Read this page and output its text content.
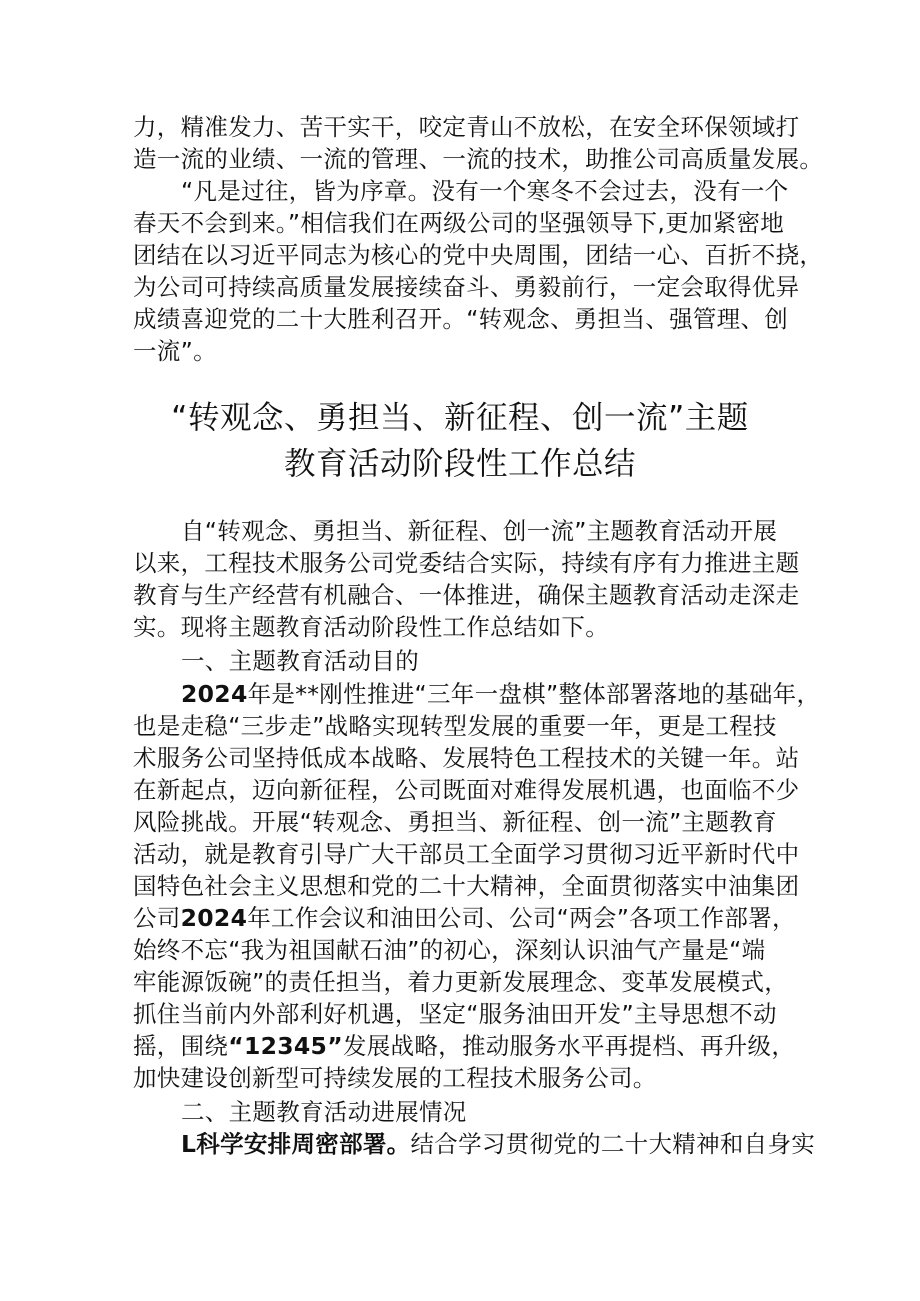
力，精准发力、苦干实干，咬定青山不放松，在安全环保领域打
造一流的业绩、一流的管理、一流的技术，助推公司高质量发展。
“凡是过往，皆为序章。没有一个寒冬不会过去，没有一个
春天不会到来。”相信我们在两级公司的坚强领导下,更加紧密地
团结在以习近平同志为核心的党中央周围，团结一心、百折不挠，
为公司可持续高质量发展接续奋斗、勇毅前行，一定会取得优异
成绩喜迎党的二十大胜利召开。“转观念、勇担当、强管理、创
一流”。
“转观念、勇担当、新征程、创一流”主题
教育活动阶段性工作总结
自“转观念、勇担当、新征程、创一流”主题教育活动开展
以来，工程技术服务公司党委结合实际，持续有序有力推进主题
教育与生产经营有机融合、一体推进，确保主题教育活动走深走
实。现将主题教育活动阶段性工作总结如下。
一、主题教育活动目的
2024年是**刚性推进“三年一盘棋”整体部署落地的基础年，
也是走稳“三步走”战略实现转型发展的重要一年，更是工程技
术服务公司坚持低成本战略、发展特色工程技术的关键一年。站
在新起点，迈向新征程，公司既面对难得发展机遇，也面临不少
风险挑战。开展“转观念、勇担当、新征程、创一流”主题教育
活动，就是教育引导广大干部员工全面学习贯彻习近平新时代中
国特色社会主义思想和党的二十大精神，全面贯彻落实中油集团
公司2024年工作会议和油田公司、公司“两会”各项工作部署，
始终不忘“我为祖国献石油”的初心，深刻认识油气产量是“端
牢能源饭碗”的责任担当，着力更新发展理念、变革发展模式，
抓住当前内外部利好机遇，坚定“服务油田开发”主导思想不动
摇，围绕“12345”发展战略，推动服务水平再提档、再升级，
加快建设创新型可持续发展的工程技术服务公司。
二、主题教育活动进展情况
L科学安排周密部署。结合学习贯彻党的二十大精神和自身实
